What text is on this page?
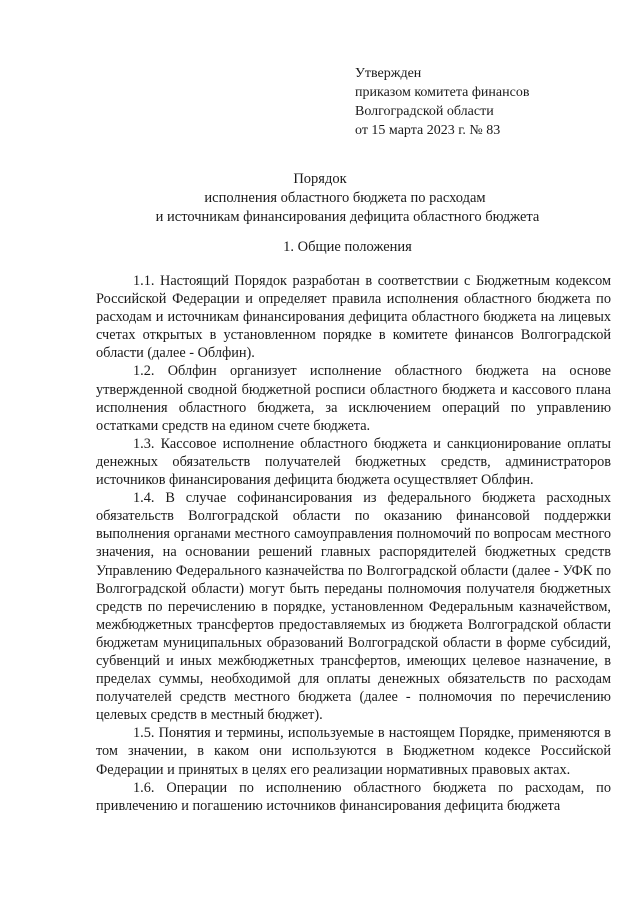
Утвержден
приказом комитета финансов
Волгоградской области
от 15 марта 2023 г. № 83
Порядок
исполнения областного бюджета по расходам
и источникам финансирования дефицита областного бюджета
1. Общие положения

1.1. Настоящий Порядок разработан в соответствии с Бюджетным кодексом Российской Федерации и определяет правила исполнения областного бюджета по расходам и источникам финансирования дефицита областного бюджета на лицевых счетах открытых в установленном порядке в комитете финансов Волгоградской области (далее - Облфин).

1.2. Облфин организует исполнение областного бюджета на основе утвержденной сводной бюджетной росписи областного бюджета и кассового плана исполнения областного бюджета, за исключением операций по управлению остатками средств на едином счете бюджета.

1.3. Кассовое исполнение областного бюджета и санкционирование оплаты денежных обязательств получателей бюджетных средств, администраторов источников финансирования дефицита бюджета осуществляет Облфин.

1.4. В случае софинансирования из федерального бюджета расходных обязательств Волгоградской области по оказанию финансовой поддержки выполнения органами местного самоуправления полномочий по вопросам местного значения, на основании решений главных распорядителей бюджетных средств Управлению Федерального казначейства по Волгоградской области (далее - УФК по Волгоградской области) могут быть переданы полномочия получателя бюджетных средств по перечислению в порядке, установленном Федеральным казначейством, межбюджетных трансфертов предоставляемых из бюджета Волгоградской области бюджетам муниципальных образований Волгоградской области в форме субсидий, субвенций и иных межбюджетных трансфертов, имеющих целевое назначение, в пределах суммы, необходимой для оплаты денежных обязательств по расходам получателей средств местного бюджета (далее - полномочия по перечислению целевых средств в местный бюджет).

1.5. Понятия и термины, используемые в настоящем Порядке, применяются в том значении, в каком они используются в Бюджетном кодексе Российской Федерации и принятых в целях его реализации нормативных правовых актах.

1.6. Операции по исполнению областного бюджета по расходам, по привлечению и погашению источников финансирования дефицита бюджета
